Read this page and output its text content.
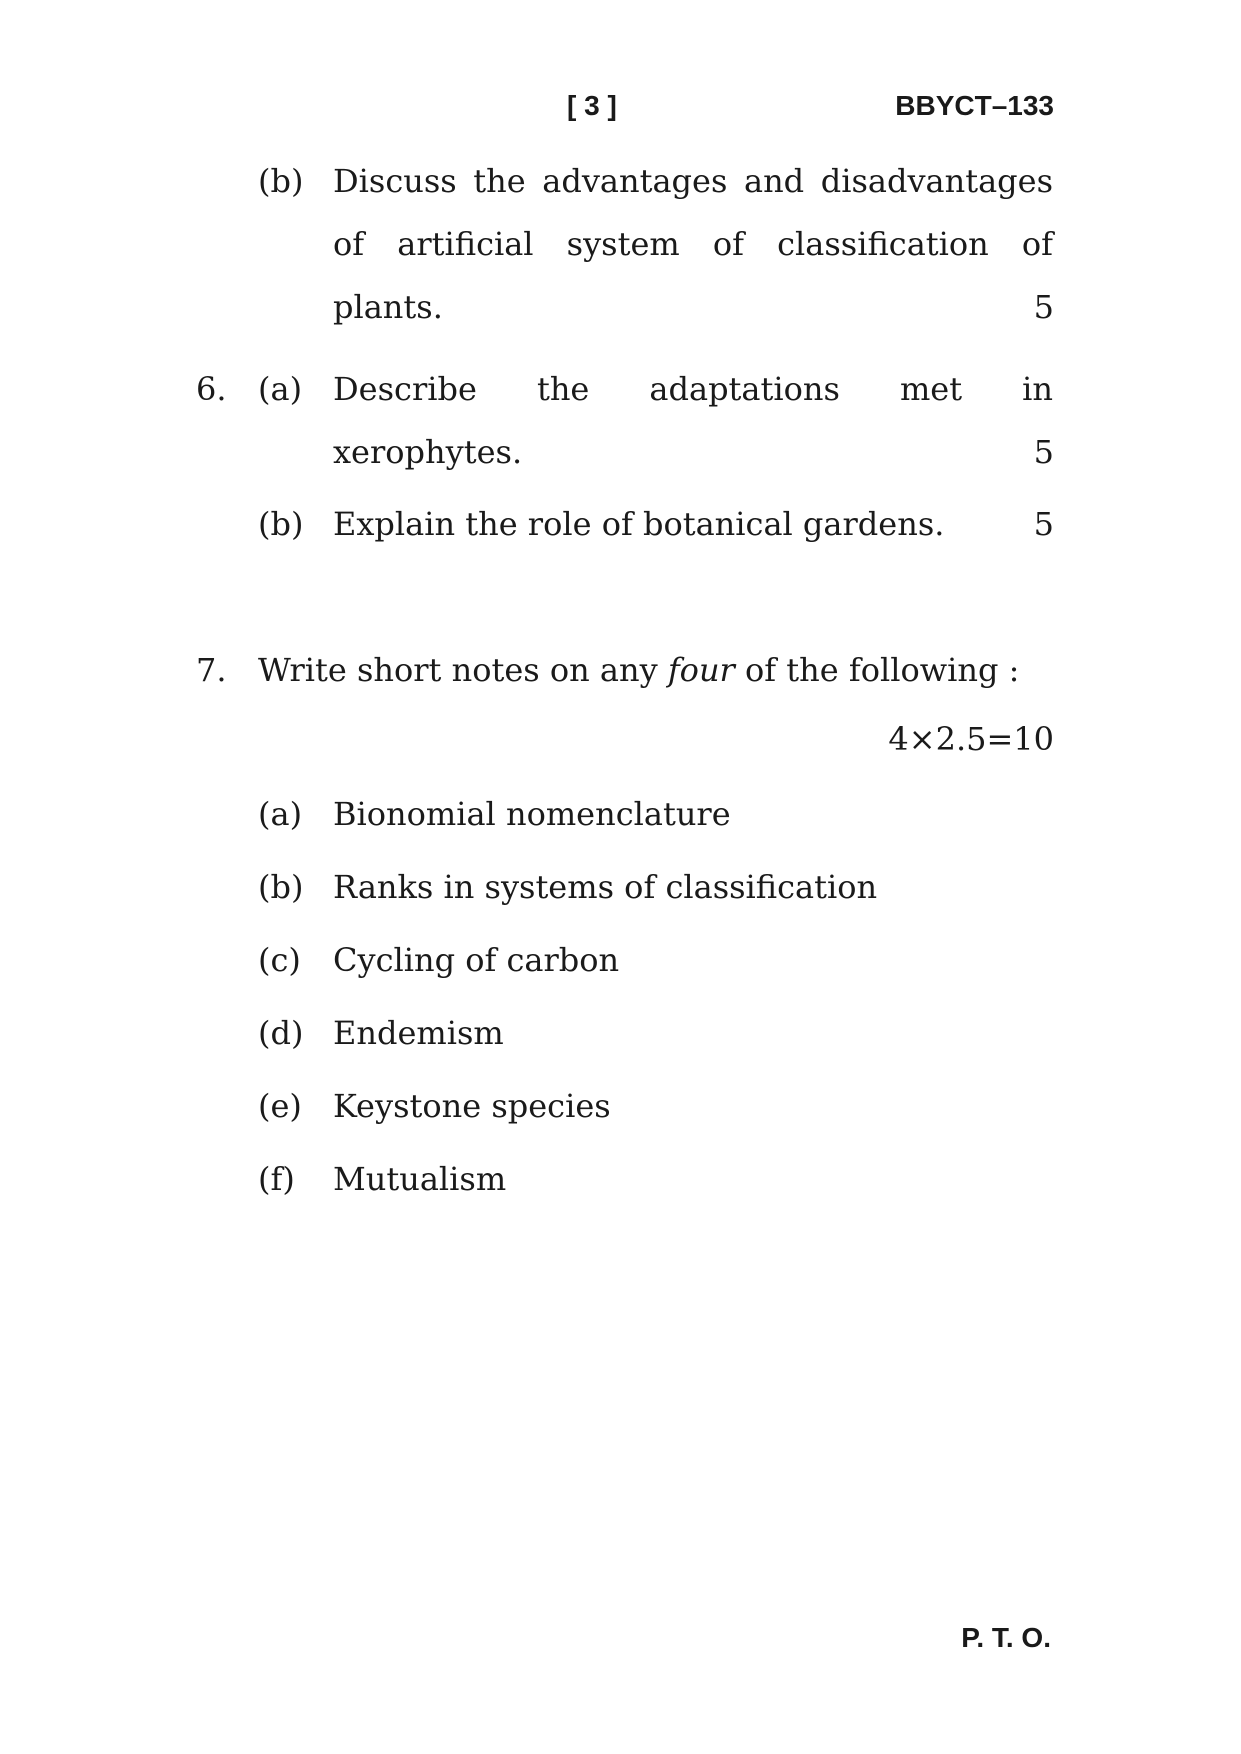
[ 3 ]	BBYCT–133
(b) Discuss the advantages and disadvantages
of artificial system of classification of
plants.	5
6. (a) Describe the adaptations met in
xerophytes.	5
(b) Explain the role of botanical gardens.	5
7. Write short notes on any four of the following :
4×2.5=10
(a) Bionomial nomenclature
(b) Ranks in systems of classification
(c) Cycling of carbon
(d) Endemism
(e) Keystone species
(f) Mutualism
P. T. O.
